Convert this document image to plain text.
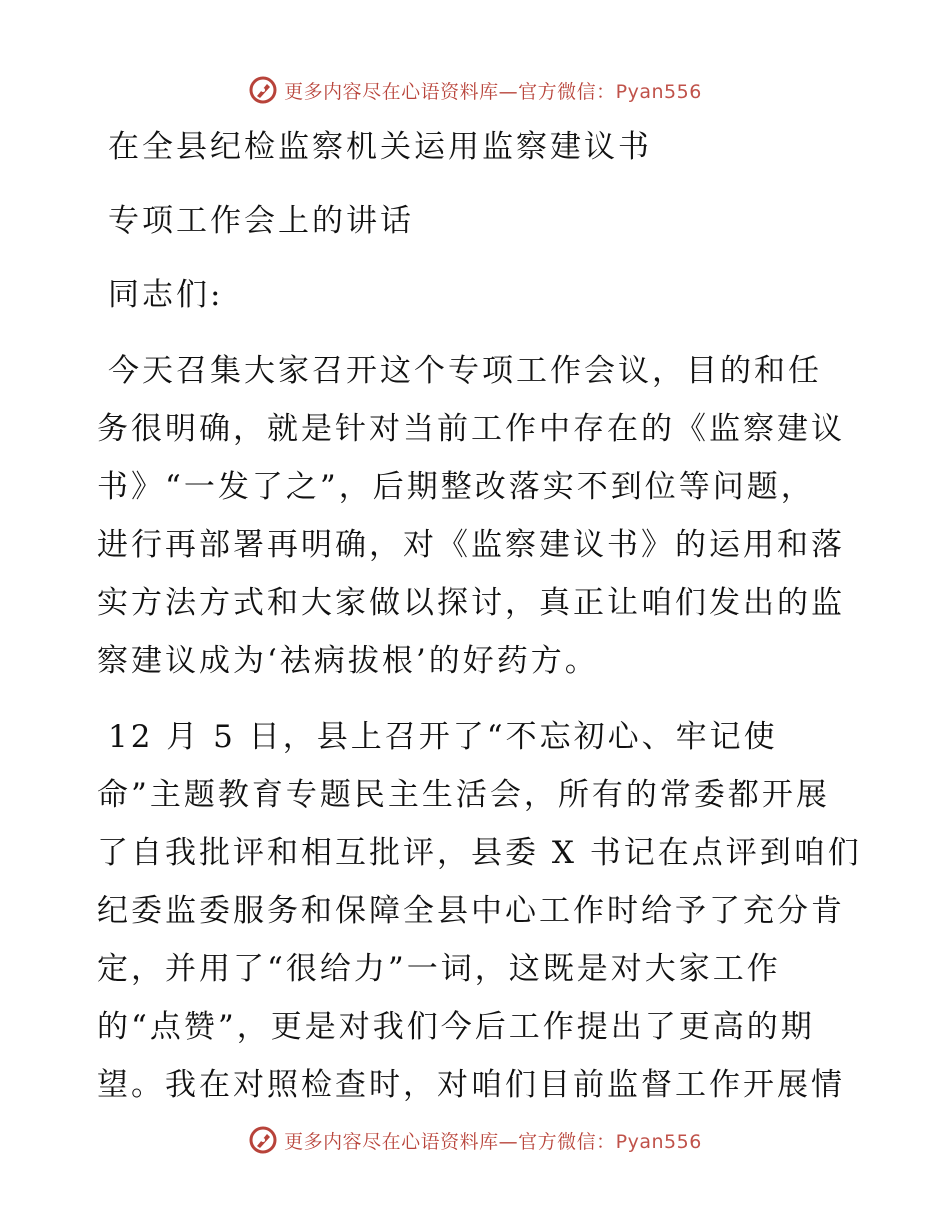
更多内容尽在心语资料库—官方微信：Pyan556
在全县纪检监察机关运用监察建议书
专项工作会上的讲话
同志们:
今天召集大家召开这个专项工作会议，目的和任
务很明确，就是针对当前工作中存在的《监察建议
书》“一发了之”，后期整改落实不到位等问题，
进行再部署再明确，对《监察建议书》的运用和落
实方法方式和大家做以探讨，真正让咱们发出的监
察建议成为‘祛病拔根’的好药方。
12 月 5 日，县上召开了“不忘初心、牢记使
命”主题教育专题民主生活会，所有的常委都开展
了自我批评和相互批评，县委 X 书记在点评到咱们
纪委监委服务和保障全县中心工作时给予了充分肯
定，并用了“很给力”一词，这既是对大家工作
的“点赞”，更是对我们今后工作提出了更高的期
望。我在对照检查时，对咱们目前监督工作开展情
更多内容尽在心语资料库—官方微信：Pyan556
